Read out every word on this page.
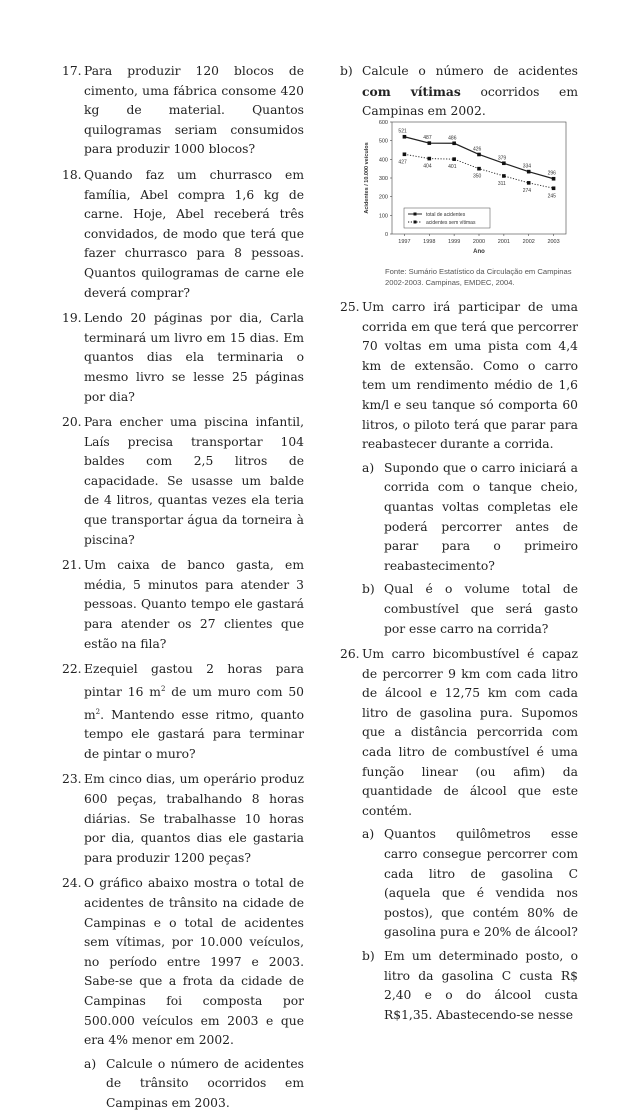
17. Para produzir 120 blocos de cimento, uma fábrica consome 420 kg de material. Quantos quilogramas seriam consumidos para produzir 1000 blocos?
18. Quando faz um churrasco em família, Abel compra 1,6 kg de carne. Hoje, Abel receberá três convidados, de modo que terá que fazer churrasco para 8 pessoas. Quantos quilogramas de carne ele deverá comprar?
19. Lendo 20 páginas por dia, Carla terminará um livro em 15 dias. Em quantos dias ela terminaria o mesmo livro se lesse 25 páginas por dia?
20. Para encher uma piscina infantil, Laís precisa transportar 104 baldes com 2,5 litros de capacidade. Se usasse um balde de 4 litros, quantas vezes ela teria que transportar água da torneira à piscina?
21. Um caixa de banco gasta, em média, 5 minutos para atender 3 pessoas. Quanto tempo ele gastará para atender os 27 clientes que estão na fila?
22. Ezequiel gastou 2 horas para pintar 16 $m^2$ de um muro com 50 $m^2$. Mantendo esse ritmo, quanto tempo ele gastará para terminar de pintar o muro?
23. Em cinco dias, um operário produz 600 peças, trabalhando 8 horas diárias. Se trabalhasse 10 horas por dia, quantos dias ele gastaria para produzir 1200 peças?
24. O gráfico abaixo mostra o total de acidentes de trânsito na cidade de Campinas e o total de acidentes sem vítimas, por 10.000 veículos, no período entre 1997 e 2003. Sabe-se que a frota da cidade de Campinas foi composta por 500.000 veículos em 2003 e que era 4% menor em 2002.
a) Calcule o número de acidentes de trânsito ocorridos em Campinas em 2003.
b) Calcule o número de acidentes com vítimas ocorridos em Campinas em 2002.
0
100
200
300
400
500
600
1997 1998 1999 2000 2001 2002 2003
Ano
Acidentes / 10.000 veículos
521
487	486
426
379
334
296
427
404	401
350
311
274
245
total de acidentes
acidentes sem vítimas
Fonte: Sumário Estatístico da Circulação em Campinas
2002-2003. Campinas, EMDEC, 2004.
25. Um carro irá participar de uma corrida em que terá que percorrer 70 voltas em uma pista com 4,4 km de extensão. Como o carro tem um rendimento médio de 1,6 km/l e seu tanque só comporta 60 litros, o piloto terá que parar para reabastecer durante a corrida.
a) Supondo que o carro iniciará a corrida com o tanque cheio, quantas voltas completas ele poderá percorrer antes de parar para o primeiro reabastecimento?
b) Qual é o volume total de combustível que será gasto por esse carro na corrida?
26. Um carro bicombustível é capaz de percorrer 9 km com cada litro de álcool e 12,75 km com cada litro de gasolina pura. Supomos que a distância percorrida com cada litro de combustível é uma função linear (ou afim) da quantidade de álcool que este contém.
a) Quantos quilômetros esse carro consegue percorrer com cada litro de gasolina C (aquela que é vendida nos postos), que contém 80% de gasolina pura e 20% de álcool?
b) Em um determinado posto, o litro da gasolina C custa R$ 2,40 e o do álcool custa R$1,35. Abastecendo-se nesse
